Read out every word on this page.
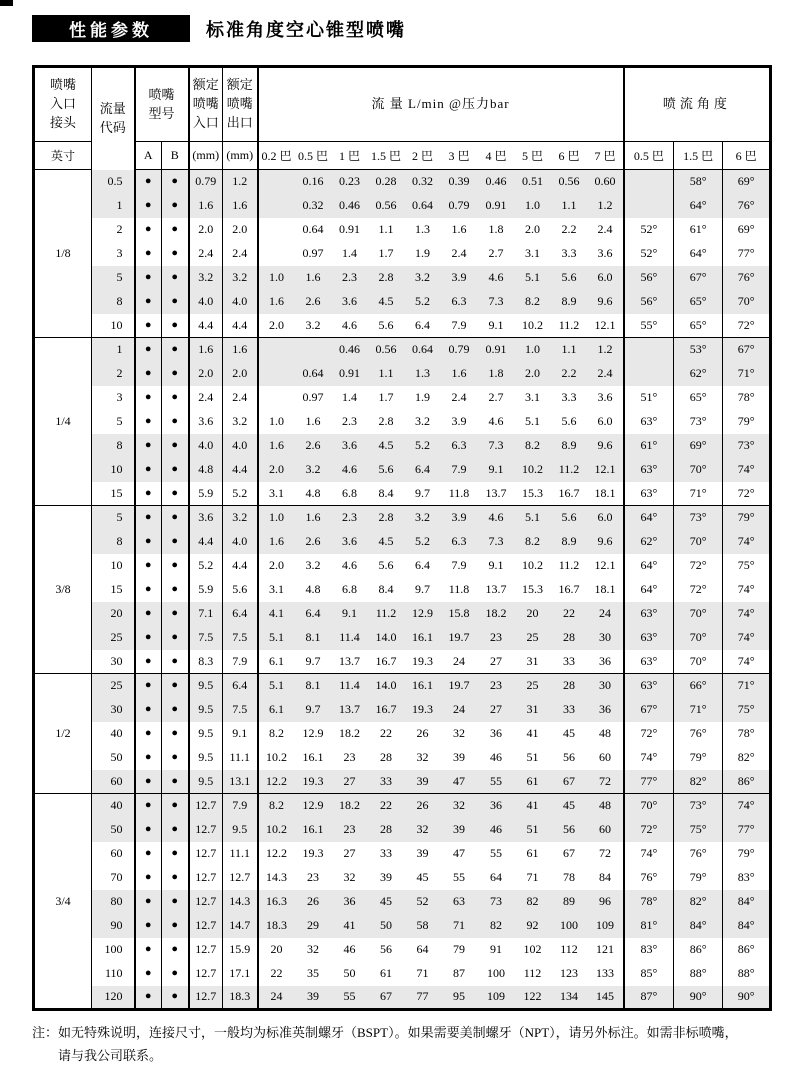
性能参数	标准角度空心锥型喷嘴
喷嘴 入口 接头	流量 代码	喷嘴 型号		额定 喷嘴 入口	额定 喷嘴 出口	流 量 L/min @压力bar										喷流角度		
英寸		A	B	(mm)	(mm)	0.2 巴	0.5 巴	1 巴	1.5 巴	2 巴	3 巴	4 巴	5 巴	6 巴	7 巴	0.5 巴	1.5 巴	6 巴
1/8	0.5	●	●	0.79	1.2		0.16	0.23	0.28	0.32	0.39	0.46	0.51	0.56	0.60		58°	69°
	1	●	●	1.6	1.6		0.32	0.46	0.56	0.64	0.79	0.91	1.0	1.1	1.2		64°	76°
	2	●	●	2.0	2.0		0.64	0.91	1.1	1.3	1.6	1.8	2.0	2.2	2.4	52°	61°	69°
	3	●	●	2.4	2.4		0.97	1.4	1.7	1.9	2.4	2.7	3.1	3.3	3.6	52°	64°	77°
	5	●	●	3.2	3.2	1.0	1.6	2.3	2.8	3.2	3.9	4.6	5.1	5.6	6.0	56°	67°	76°
	8	●	●	4.0	4.0	1.6	2.6	3.6	4.5	5.2	6.3	7.3	8.2	8.9	9.6	56°	65°	70°
	10	●	●	4.4	4.4	2.0	3.2	4.6	5.6	6.4	7.9	9.1	10.2	11.2	12.1	55°	65°	72°
1/4	1	●	●	1.6	1.6			0.46	0.56	0.64	0.79	0.91	1.0	1.1	1.2		53°	67°
	2	●	●	2.0	2.0		0.64	0.91	1.1	1.3	1.6	1.8	2.0	2.2	2.4		62°	71°
	3	●	●	2.4	2.4		0.97	1.4	1.7	1.9	2.4	2.7	3.1	3.3	3.6	51°	65°	78°
	5	●	●	3.6	3.2	1.0	1.6	2.3	2.8	3.2	3.9	4.6	5.1	5.6	6.0	63°	73°	79°
	8	●	●	4.0	4.0	1.6	2.6	3.6	4.5	5.2	6.3	7.3	8.2	8.9	9.6	61°	69°	73°
	10	●	●	4.8	4.4	2.0	3.2	4.6	5.6	6.4	7.9	9.1	10.2	11.2	12.1	63°	70°	74°
	15	●	●	5.9	5.2	3.1	4.8	6.8	8.4	9.7	11.8	13.7	15.3	16.7	18.1	63°	71°	72°
3/8	5	●	●	3.6	3.2	1.0	1.6	2.3	2.8	3.2	3.9	4.6	5.1	5.6	6.0	64°	73°	79°
	8	●	●	4.4	4.0	1.6	2.6	3.6	4.5	5.2	6.3	7.3	8.2	8.9	9.6	62°	70°	74°
	10	●	●	5.2	4.4	2.0	3.2	4.6	5.6	6.4	7.9	9.1	10.2	11.2	12.1	64°	72°	75°
	15	●	●	5.9	5.6	3.1	4.8	6.8	8.4	9.7	11.8	13.7	15.3	16.7	18.1	64°	72°	74°
	20	●	●	7.1	6.4	4.1	6.4	9.1	11.2	12.9	15.8	18.2	20	22	24	63°	70°	74°
	25	●	●	7.5	7.5	5.1	8.1	11.4	14.0	16.1	19.7	23	25	28	30	63°	70°	74°
	30	●	●	8.3	7.9	6.1	9.7	13.7	16.7	19.3	24	27	31	33	36	63°	70°	74°
1/2	25	●	●	9.5	6.4	5.1	8.1	11.4	14.0	16.1	19.7	23	25	28	30	63°	66°	71°
	30	●	●	9.5	7.5	6.1	9.7	13.7	16.7	19.3	24	27	31	33	36	67°	71°	75°
	40	●	●	9.5	9.1	8.2	12.9	18.2	22	26	32	36	41	45	48	72°	76°	78°
	50	●	●	9.5	11.1	10.2	16.1	23	28	32	39	46	51	56	60	74°	79°	82°
	60	●	●	9.5	13.1	12.2	19.3	27	33	39	47	55	61	67	72	77°	82°	86°
3/4	40	●	●	12.7	7.9	8.2	12.9	18.2	22	26	32	36	41	45	48	70°	73°	74°
	50	●	●	12.7	9.5	10.2	16.1	23	28	32	39	46	51	56	60	72°	75°	77°
	60	●	●	12.7	11.1	12.2	19.3	27	33	39	47	55	61	67	72	74°	76°	79°
	70	●	●	12.7	12.7	14.3	23	32	39	45	55	64	71	78	84	76°	79°	83°
	80	●	●	12.7	14.3	16.3	26	36	45	52	63	73	82	89	96	78°	82°	84°
	90	●	●	12.7	14.7	18.3	29	41	50	58	71	82	92	100	109	81°	84°	84°
	100	●	●	12.7	15.9	20	32	46	56	64	79	91	102	112	121	83°	86°	86°
	110	●	●	12.7	17.1	22	35	50	61	71	87	100	112	123	133	85°	88°	88°
	120	●	●	12.7	18.3	24	39	55	67	77	95	109	122	134	145	87°	90°	90°
注： 如无特殊说明，连接尺寸，一般均为标准英制螺牙（BSPT）。如果需要美制螺牙（NPT），请另外标注。如需非标喷嘴，
请与我公司联系。
